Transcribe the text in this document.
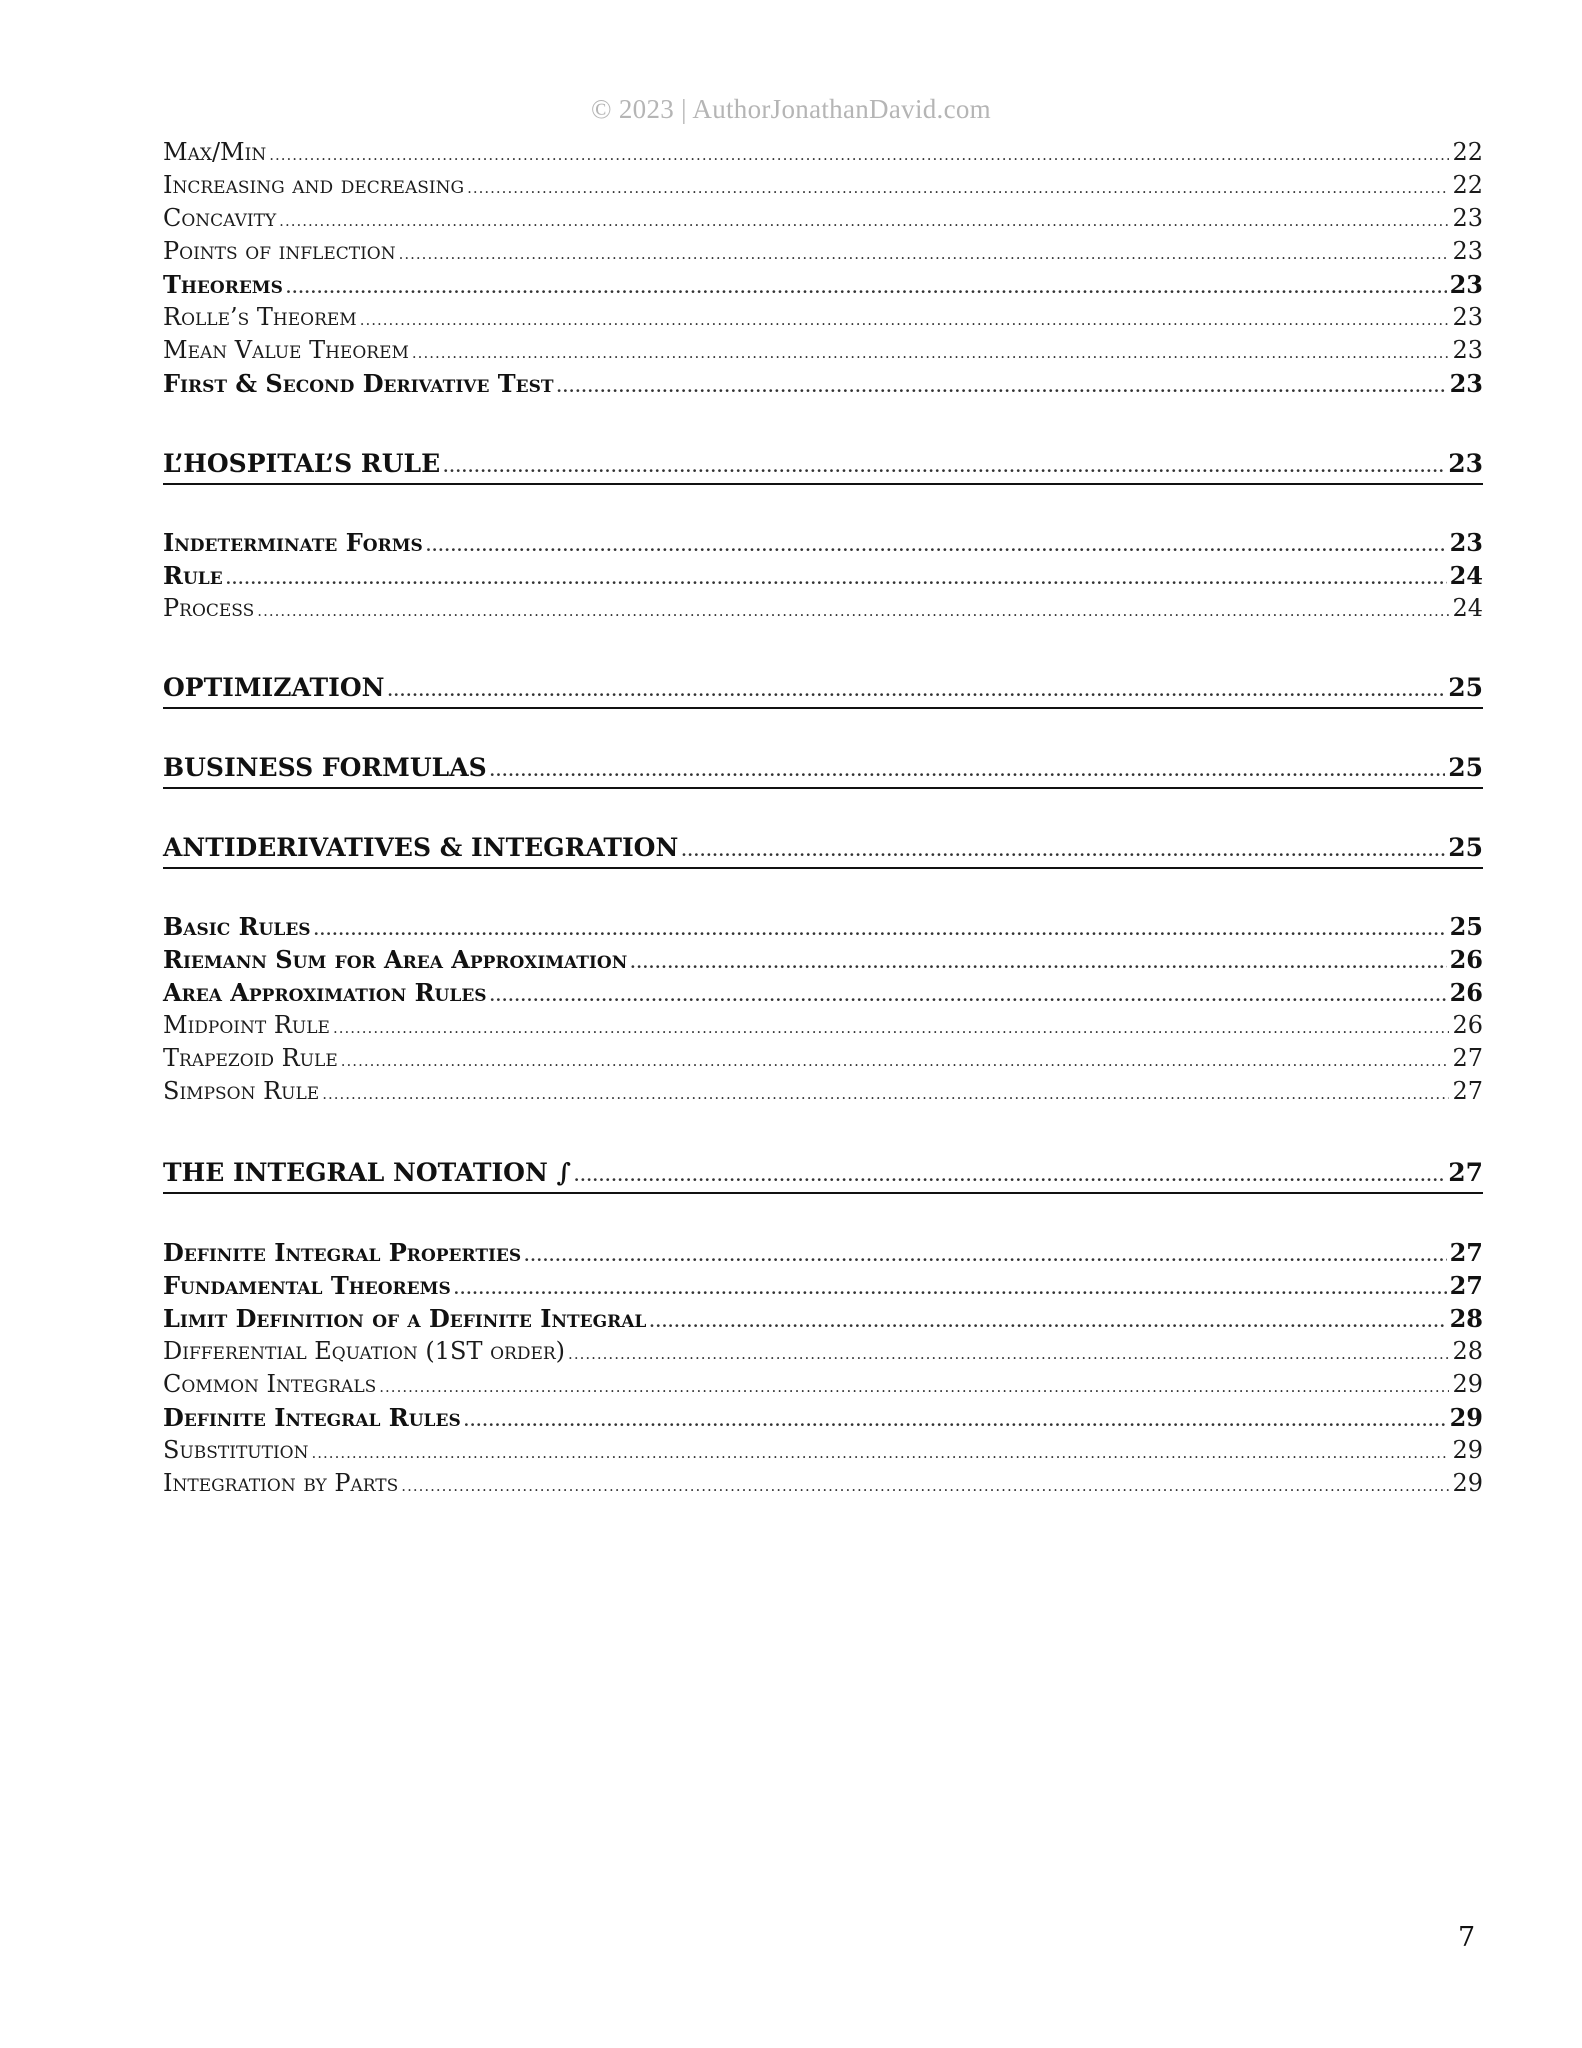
© 2023 | AuthorJonathanDavid.com
Max/Min .....	22
Increasing and decreasing .....	22
Concavity .....	23
Points of inflection .....	23
Theorems .....	23
Rolle’s Theorem .....	23
Mean Value Theorem .....	23
First & Second Derivative Test .....	23
L’HOSPITAL’S RULE .....	23
Indeterminate Forms .....	23
Rule .....	24
Process .....	24
OPTIMIZATION .....	25
BUSINESS FORMULAS .....	25
ANTIDERIVATIVES & INTEGRATION .....	25
Basic Rules .....	25
Riemann Sum for Area Approximation .....	26
Area Approximation Rules .....	26
Midpoint Rule .....	26
Trapezoid Rule .....	27
Simpson Rule .....	27
THE INTEGRAL NOTATION ∫ .....	27
Definite Integral Properties .....	27
Fundamental Theorems .....	27
Limit Definition of a Definite Integral .....	28
Differential Equation (1ST order) .....	28
Common Integrals .....	29
Definite Integral Rules .....	29
Substitution .....	29
Integration by Parts .....	29
7
